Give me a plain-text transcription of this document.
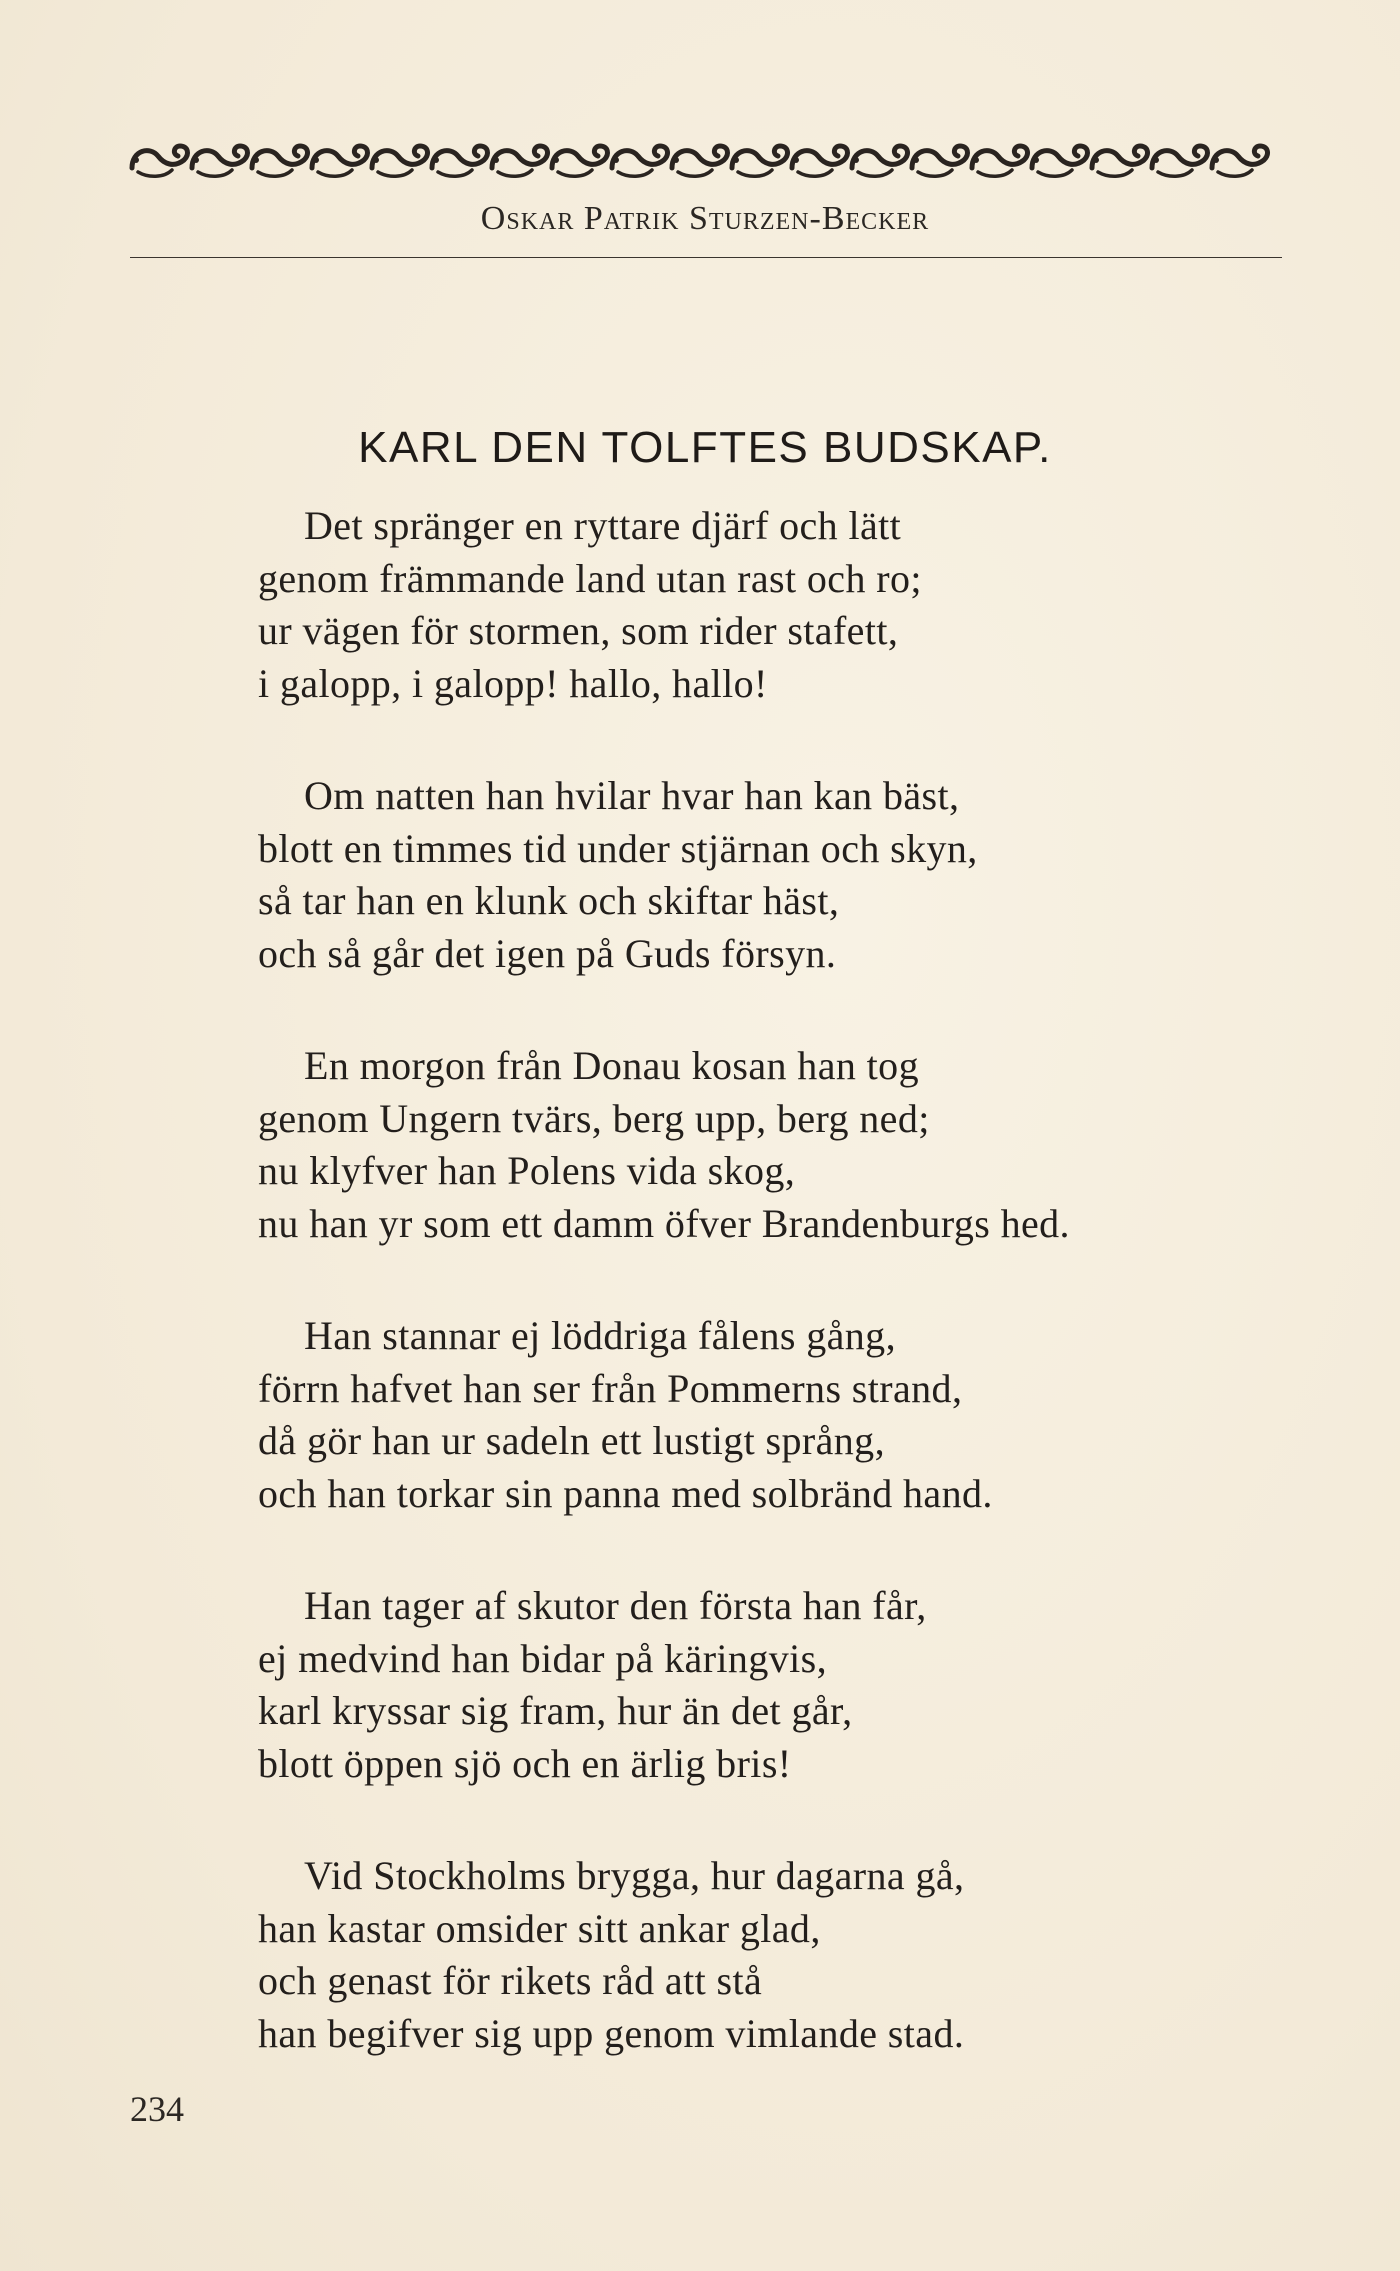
Oskar Patrik Sturzen-Becker
KARL DEN TOLFTES BUDSKAP.
Det spränger en ryttare djärf och lätt
genom främmande land utan rast och ro;
ur vägen för stormen, som rider stafett,
i galopp, i galopp! hallo, hallo!
Om natten han hvilar hvar han kan bäst,
blott en timmes tid under stjärnan och skyn,
så tar han en klunk och skiftar häst,
och så går det igen på Guds försyn.
En morgon från Donau kosan han tog
genom Ungern tvärs, berg upp, berg ned;
nu klyfver han Polens vida skog,
nu han yr som ett damm öfver Brandenburgs hed.
Han stannar ej löddriga fålens gång,
förrn hafvet han ser från Pommerns strand,
då gör han ur sadeln ett lustigt språng,
och han torkar sin panna med solbränd hand.
Han tager af skutor den första han får,
ej medvind han bidar på käringvis,
karl kryssar sig fram, hur än det går,
blott öppen sjö och en ärlig bris!
Vid Stockholms brygga, hur dagarna gå,
han kastar omsider sitt ankar glad,
och genast för rikets råd att stå
han begifver sig upp genom vimlande stad.
234
